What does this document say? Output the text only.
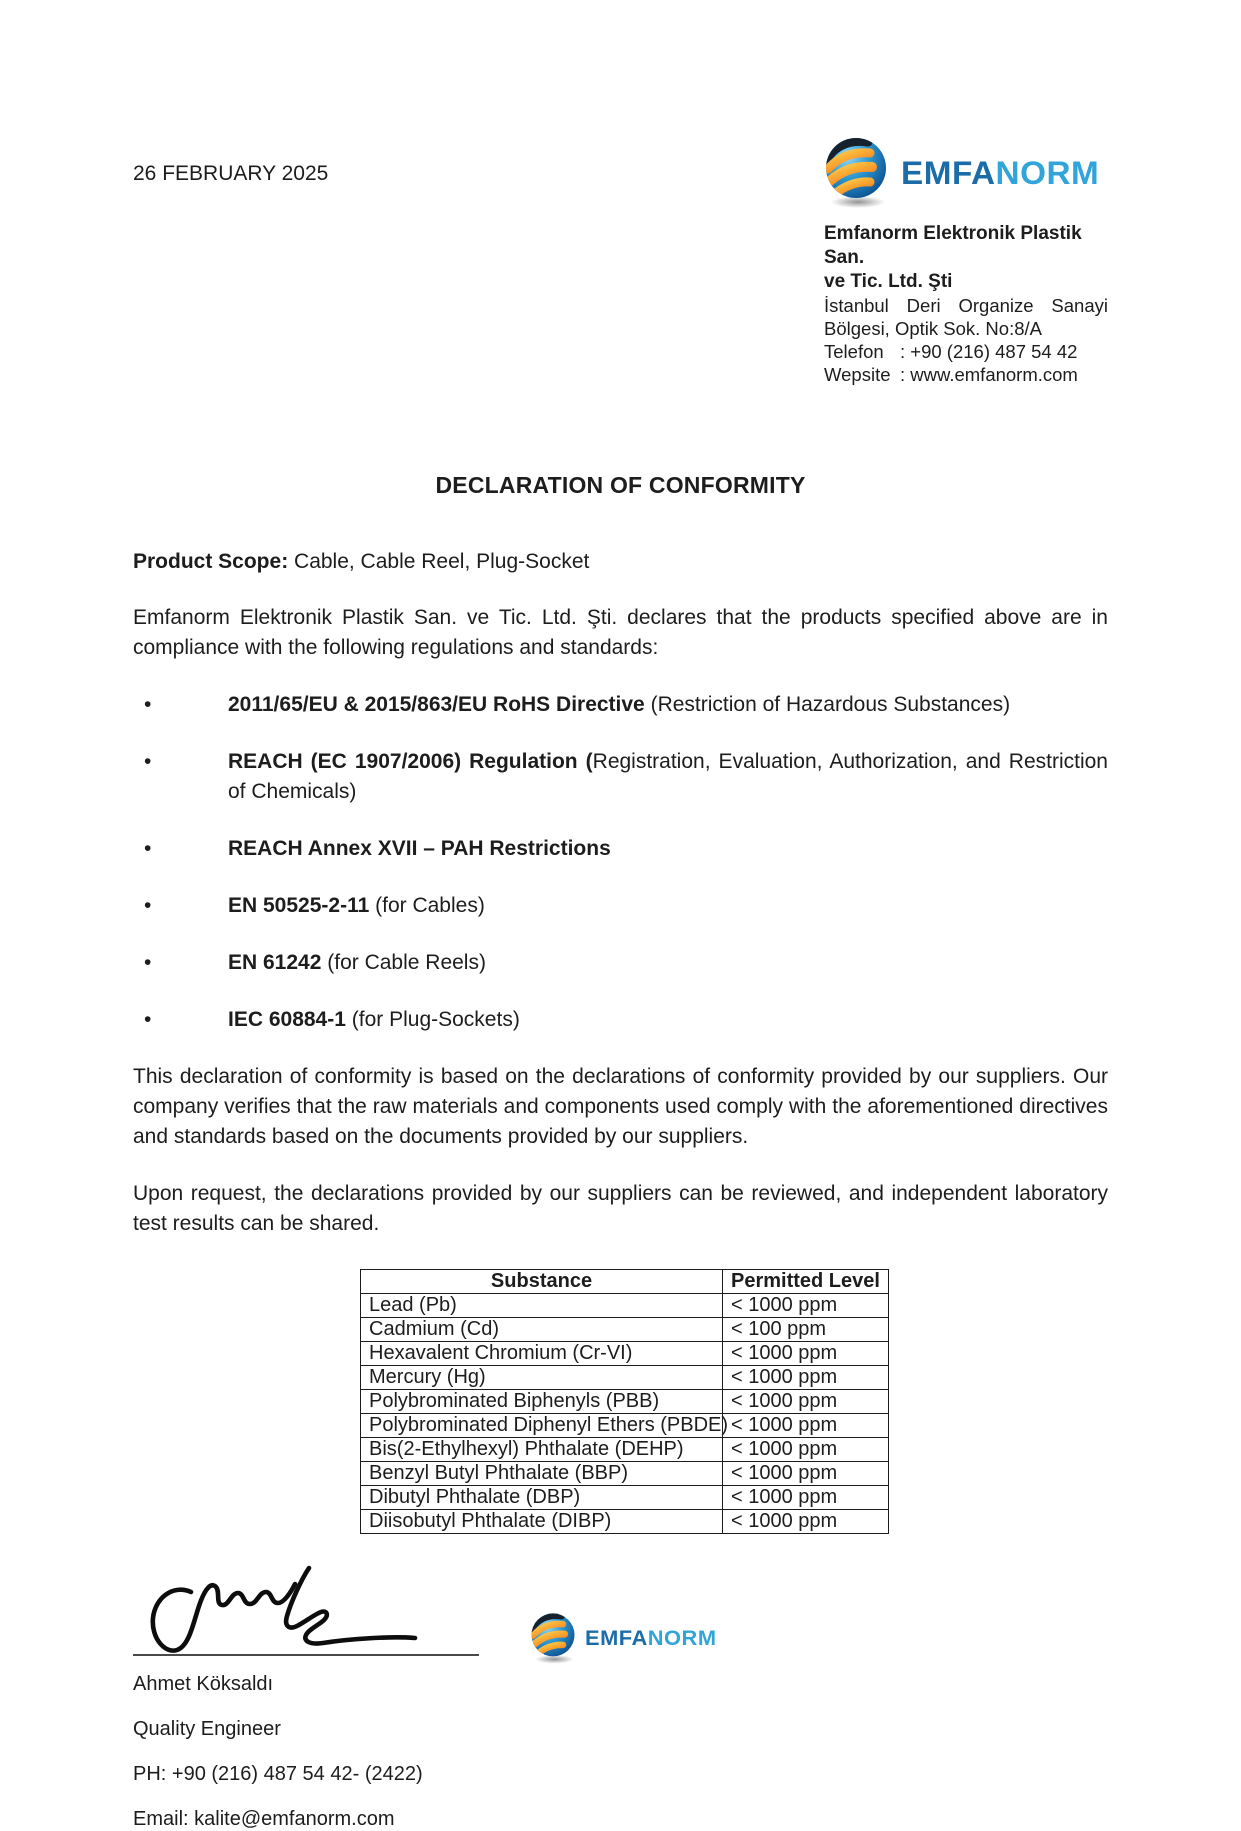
26 FEBRUARY 2025	EMFANORM
Emfanorm Elektronik Plastik San.
ve Tic. Ltd. Şti
İstanbul Deri Organize Sanayi
Bölgesi, Optik Sok. No:8/A
Telefon : +90 (216) 487 54 42
Wepsite : www.emfanorm.com
DECLARATION OF CONFORMITY

Product Scope: Cable, Cable Reel, Plug-Socket

Emfanorm Elektronik Plastik San. ve Tic. Ltd. Şti. declares that the products specified above are in compliance with the following regulations and standards:

• 2011/65/EU & 2015/863/EU RoHS Directive (Restriction of Hazardous Substances)
• REACH (EC 1907/2006) Regulation (Registration, Evaluation, Authorization, and Restriction of Chemicals)
• REACH Annex XVII – PAH Restrictions
• EN 50525-2-11 (for Cables)
• EN 61242 (for Cable Reels)
• IEC 60884-1 (for Plug-Sockets)

This declaration of conformity is based on the declarations of conformity provided by our suppliers. Our company verifies that the raw materials and components used comply with the aforementioned directives and standards based on the documents provided by our suppliers.

Upon request, the declarations provided by our suppliers can be reviewed, and independent laboratory test results can be shared.

Substance	Permitted Level
Lead (Pb)	< 1000 ppm
Cadmium (Cd)	< 100 ppm
Hexavalent Chromium (Cr-VI)	< 1000 ppm
Mercury (Hg)	< 1000 ppm
Polybrominated Biphenyls (PBB)	< 1000 ppm
Polybrominated Diphenyl Ethers (PBDE)	< 1000 ppm
Bis(2-Ethylhexyl) Phthalate (DEHP)	< 1000 ppm
Benzyl Butyl Phthalate (BBP)	< 1000 ppm
Dibutyl Phthalate (DBP)	< 1000 ppm
Diisobutyl Phthalate (DIBP)	< 1000 ppm
Ahmet Köksaldı
Quality Engineer
PH: +90 (216) 487 54 42- (2422)
Email: kalite@emfanorm.com
EMFANORM
